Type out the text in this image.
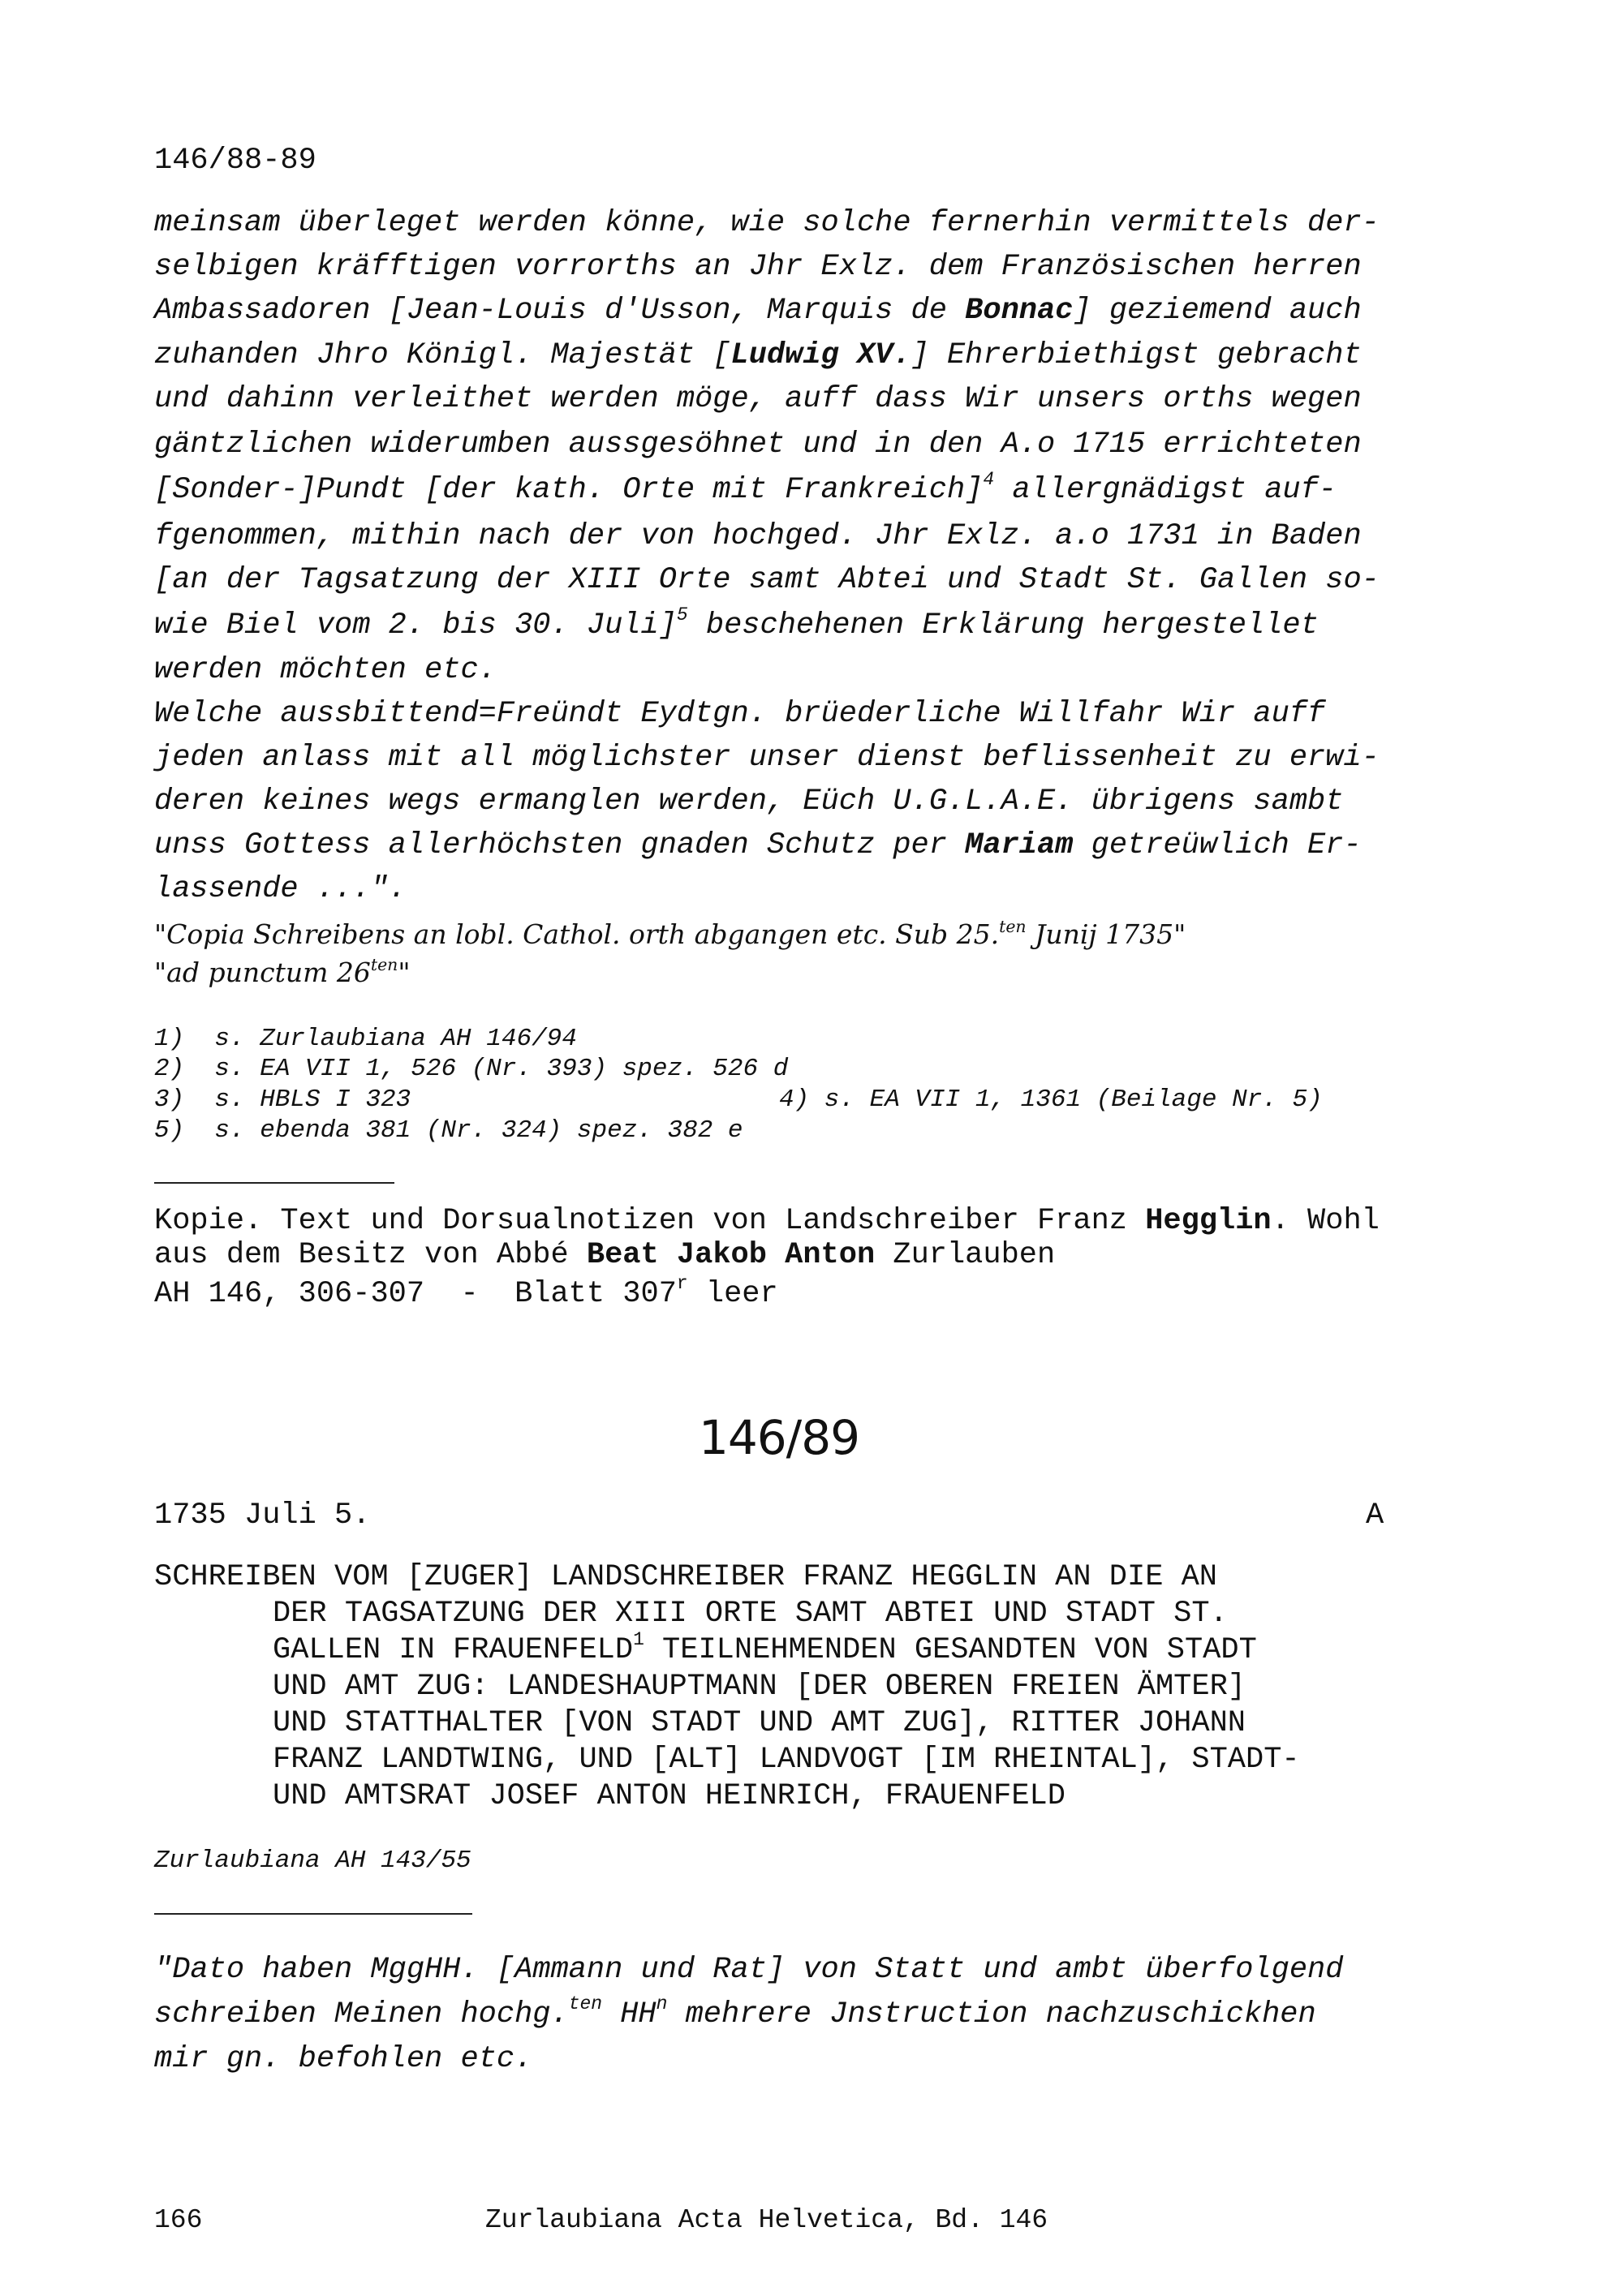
146/88-89
meinsam überleget werden könne, wie solche fernerhin vermittels der-
selbigen kräfftigen vorrorths an Jhr Exlz. dem Französischen herren
Ambassadoren [Jean-Louis d'Usson, Marquis de Bonnac] geziemend auch
zuhanden Jhro Königl. Majestät [Ludwig XV.] Ehrerbiethigst gebracht
und dahinn verleithet werden möge, auff dass Wir unsers orths wegen
gäntzlichen widerumben aussgesöhnet und in den A.o 1715 errichteten
[Sonder-]Pundt [der kath. Orte mit Frankreich]$^4$ allergnädigst auf-
fgenommen, mithin nach der von hochged. Jhr Exlz. a.o 1731 in Baden
[an der Tagsatzung der XIII Orte samt Abtei und Stadt St. Gallen so-
wie Biel vom 2. bis 30. Juli]$^5$ beschehenen Erklärung hergestellet
werden möchten etc.
Welche aussbittend=Freündt Eydtgn. brüederliche Willfahr Wir auff
jeden anlass mit all möglichster unser dienst beflissenheit zu erwi-
deren keines wegs ermanglen werden, Eüch U.G.L.A.E. übrigens sambt
unss Gottess allerhöchsten gnaden Schutz per Mariam getreüwlich Er-
lassende ...".
"Copia Schreibens an lobl. Cathol. orth abgangen etc. Sub 25.$^{ten}$ Junij 1735"
"ad punctum $26^{ten}$"
1)  s. Zurlaubiana AH 146/94
2)  s. EA VII 1, 526 (Nr. 393) spez. 526 d
3)  s. HBLS I 323	4) s. EA VII 1, 1361 (Beilage Nr. 5)
5)  s. ebenda 381 (Nr. 324) spez. 382 e
Kopie. Text und Dorsualnotizen von Landschreiber Franz Hegglin. Wohl
aus dem Besitz von Abbé Beat Jakob Anton Zurlauben
AH 146, 306-307  -  Blatt 307$^r$ leer
146/89
1735 Juli 5.	A
SCHREIBEN VOM [ZUGER] LANDSCHREIBER FRANZ HEGGLIN AN DIE AN
DER TAGSATZUNG DER XIII ORTE SAMT ABTEI UND STADT ST.
GALLEN IN FRAUENFELD$^1$ TEILNEHMENDEN GESANDTEN VON STADT
UND AMT ZUG: LANDESHAUPTMANN [DER OBEREN FREIEN ÄMTER]
UND STATTHALTER [VON STADT UND AMT ZUG], RITTER JOHANN
FRANZ LANDTWING, UND [ALT] LANDVOGT [IM RHEINTAL], STADT-
UND AMTSRAT JOSEF ANTON HEINRICH, FRAUENFELD
Zurlaubiana AH 143/55
"Dato haben MggHH. [Ammann und Rat] von Statt und ambt überfolgend
schreiben Meinen hochg.$^{ten}$ $HH^n$ mehrere Jnstruction nachzuschickhen
mir gn. befohlen etc.
166	Zurlaubiana Acta Helvetica, Bd. 146
